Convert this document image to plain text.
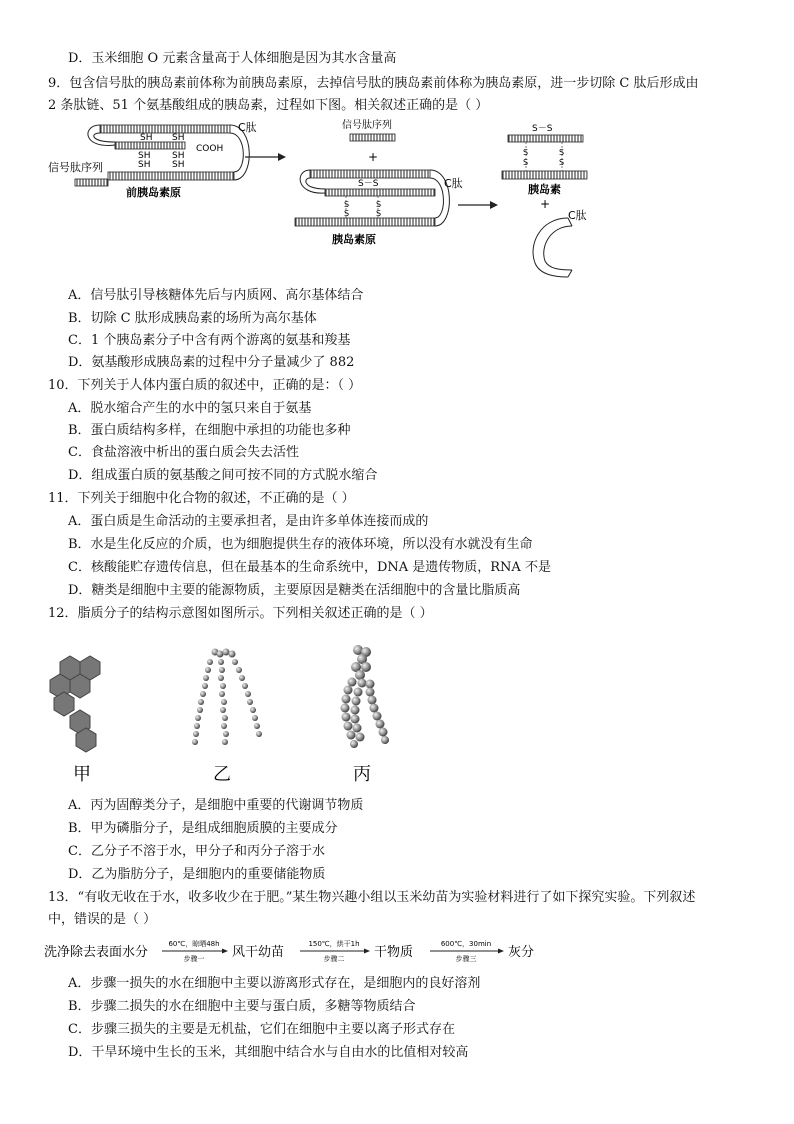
D．玉米细胞 O 元素含量高于人体细胞是因为其水含量高
9．包含信号肽的胰岛素前体称为前胰岛素原，去掉信号肽的胰岛素前体称为胰岛素原，进一步切除 C 肽后形成由
2 条肽链、51 个氨基酸组成的胰岛素，过程如下图。相关叙述正确的是（ ）
C肽
SH SH
COOH
SH SH
SH SH
信号肽序列
前胰岛素原
信号肽序列
+
S－S
S
S
S
S
C肽
胰岛素原
S－S
S
S
S
S
胰岛素
+
C肽
A．信号肽引导核糖体先后与内质网、高尔基体结合
B．切除 C 肽形成胰岛素的场所为高尔基体
C．1 个胰岛素分子中含有两个游离的氨基和羧基
D．氨基酸形成胰岛素的过程中分子量减少了 882
10．下列关于人体内蛋白质的叙述中，正确的是：（ ）
A．脱水缩合产生的水中的氢只来自于氨基
B．蛋白质结构多样，在细胞中承担的功能也多种
C．食盐溶液中析出的蛋白质会失去活性
D．组成蛋白质的氨基酸之间可按不同的方式脱水缩合
11．下列关于细胞中化合物的叙述，不正确的是（ ）
A．蛋白质是生命活动的主要承担者，是由许多单体连接而成的
B．水是生化反应的介质，也为细胞提供生存的液体环境，所以没有水就没有生命
C．核酸能贮存遗传信息，但在最基本的生命系统中，DNA 是遗传物质，RNA 不是
D．糖类是细胞中主要的能源物质，主要原因是糖类在活细胞中的含量比脂质高
12．脂质分子的结构示意图如图所示。下列相关叙述正确的是（ ）
甲	乙	丙
A．丙为固醇类分子，是细胞中重要的代谢调节物质
B．甲为磷脂分子，是组成细胞质膜的主要成分
C．乙分子不溶于水，甲分子和丙分子溶于水
D．乙为脂肪分子，是细胞内的重要储能物质
13．“有收无收在于水，收多收少在于肥。”某生物兴趣小组以玉米幼苗为实验材料进行了如下探究实验。下列叙述
中，错误的是（ ）
洗净除去表面水分
60℃，晾晒48h
步骤一 风干幼苗
150℃，烘干1h
步骤二 干物质
600℃，30min
步骤三 灰分
A．步骤一损失的水在细胞中主要以游离形式存在，是细胞内的良好溶剂
B．步骤二损失的水在细胞中主要与蛋白质，多糖等物质结合
C．步骤三损失的主要是无机盐，它们在细胞中主要以离子形式存在
D．干旱环境中生长的玉米，其细胞中结合水与自由水的比值相对较高
